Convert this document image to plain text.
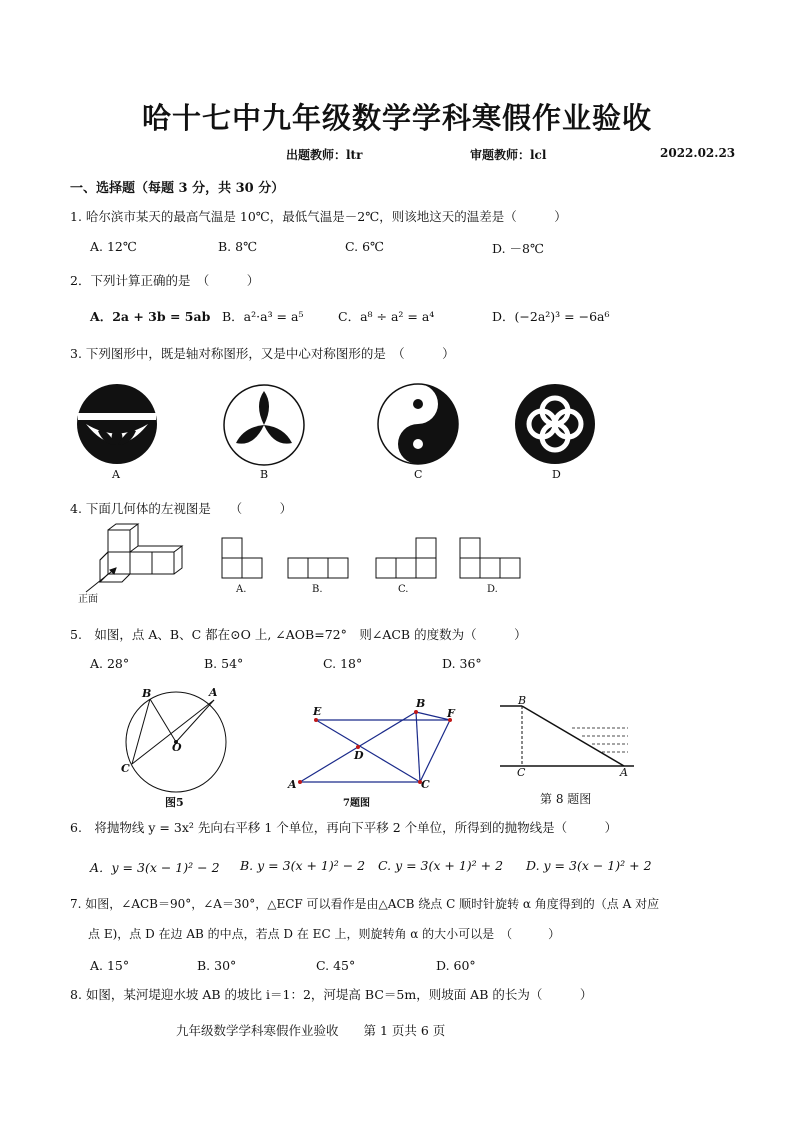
哈十七中九年级数学学科寒假作业验收
出题教师：ltr	审题教师：lcl	2022.02.23
一、选择题（每题 3 分，共 30 分）
1. 哈尔滨市某天的最高气温是 10℃，最低气温是－2℃，则该地这天的温差是（　　　）
A. 12℃	B. 8℃	C. 6℃	D. －8℃
2．下列计算正确的是　（　　　）
A．2a + 3b = 5ab B．a²·a³ = a⁵	C．a⁸ ÷ a² = a⁴	D．(−2a²)³ = −6a⁶
3. 下列图形中，既是轴对称图形，又是中心对称图形的是　（　　　）
A	B	C	D
4. 下面几何体的左视图是　　（　　　）
正面
A.	B.	C.	D.
5.　如图，点 A、B、C 都在⊙O 上, ∠AOB=72°　则∠ACB 的度数为（　　　）
A. 28°	B. 54°	C. 18°	D. 36°
B	A
O
C
图5
E
B
F
D
A	C
7题图
B
C	A
第 8 题图
6.　将抛物线 y = 3x² 先向右平移 1 个单位，再向下平移 2 个单位，所得到的抛物线是（　　　）
A．y = 3(x − 1)² − 2 B. y = 3(x + 1)² − 2 C. y = 3(x + 1)² + 2 D. y = 3(x − 1)² + 2
7. 如图，∠ACB＝90°，∠A＝30°，△ECF 可以看作是由△ACB 绕点 C 顺时针旋转 α 角度得到的（点 A 对应
点 E)，点 D 在边 AB 的中点，若点 D 在 EC 上，则旋转角 α 的大小可以是　（　　　）
A. 15°	B. 30°	C. 45°	D. 60°
8. 如图，某河堤迎水坡 AB 的坡比 i＝1：2，河堤高 BC＝5m，则坡面 AB 的长为（　　　）
九年级数学学科寒假作业验收　　第 1 页共 6 页
